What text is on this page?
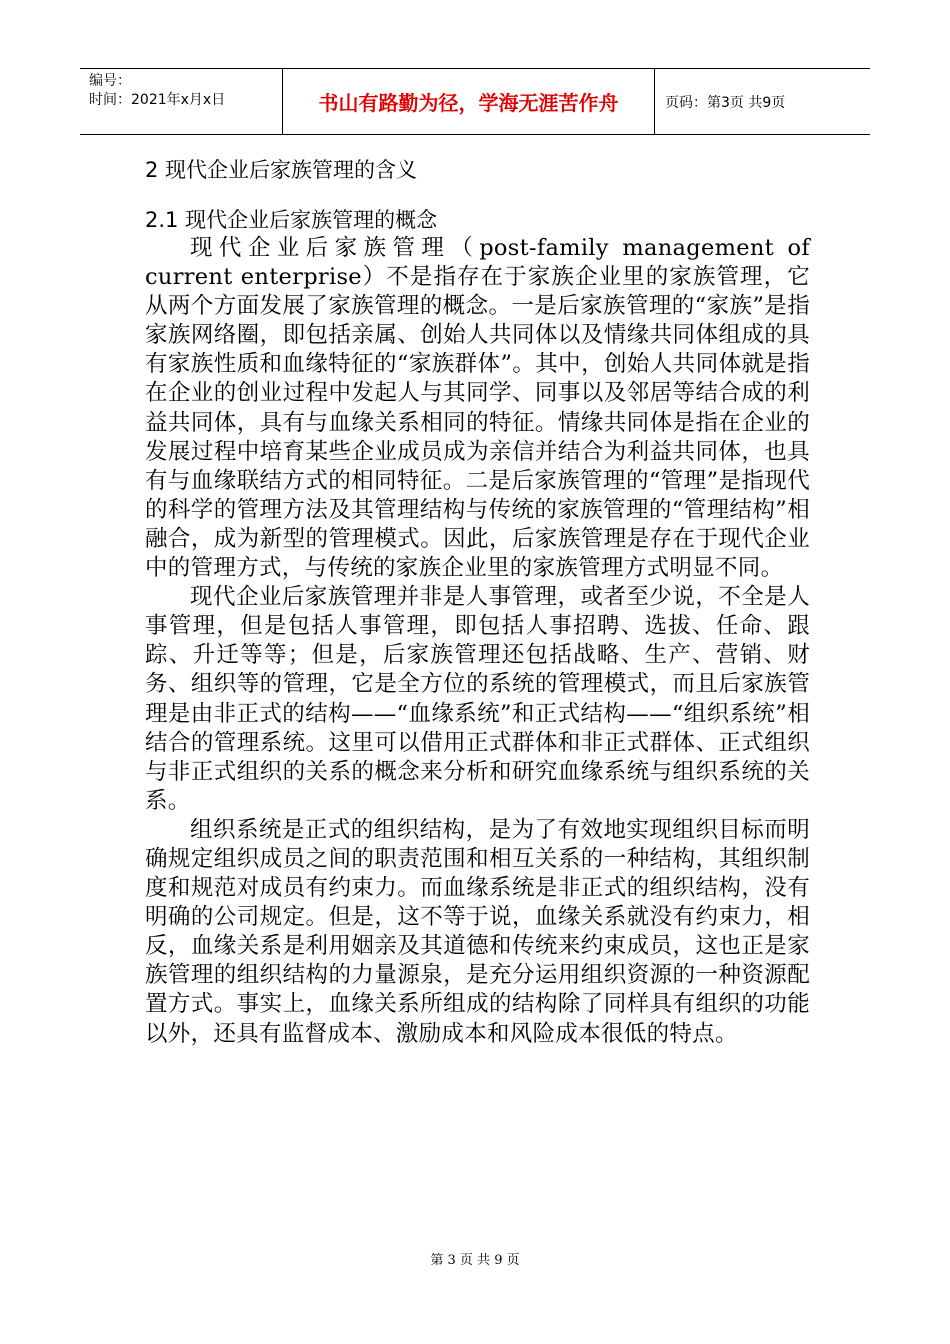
编号：
时间：2021年x月x日	书山有路勤为径，学海无涯苦作舟	页码：第3页 共9页
2 现代企业后家族管理的含义
2.1 现代企业后家族管理的概念

现代企业后家族管理（post-family management of current enterprise）不是指存在于家族企业里的家族管理，它从两个方面发展了家族管理的概念。一是后家族管理的“家族”是指家族网络圈，即包括亲属、创始人共同体以及情缘共同体组成的具有家族性质和血缘特征的“家族群体”。其中，创始人共同体就是指在企业的创业过程中发起人与其同学、同事以及邻居等结合成的利益共同体，具有与血缘关系相同的特征。情缘共同体是指在企业的发展过程中培育某些企业成员成为亲信并结合为利益共同体，也具有与血缘联结方式的相同特征。二是后家族管理的“管理”是指现代的科学的管理方法及其管理结构与传统的家族管理的“管理结构”相融合，成为新型的管理模式。因此，后家族管理是存在于现代企业中的管理方式，与传统的家族企业里的家族管理方式明显不同。

现代企业后家族管理并非是人事管理，或者至少说，不全是人事管理，但是包括人事管理，即包括人事招聘、选拔、任命、跟踪、升迁等等；但是，后家族管理还包括战略、生产、营销、财务、组织等的管理，它是全方位的系统的管理模式，而且后家族管理是由非正式的结构——“血缘系统”和正式结构——“组织系统”相结合的管理系统。这里可以借用正式群体和非正式群体、正式组织与非正式组织的关系的概念来分析和研究血缘系统与组织系统的关系。

组织系统是正式的组织结构，是为了有效地实现组织目标而明确规定组织成员之间的职责范围和相互关系的一种结构，其组织制度和规范对成员有约束力。而血缘系统是非正式的组织结构，没有明确的公司规定。但是，这不等于说，血缘关系就没有约束力，相反，血缘关系是利用姻亲及其道德和传统来约束成员，这也正是家族管理的组织结构的力量源泉，是充分运用组织资源的一种资源配置方式。事实上，血缘关系所组成的结构除了同样具有组织的功能以外，还具有监督成本、激励成本和风险成本很低的特点。

第 3 页 共 9 页
